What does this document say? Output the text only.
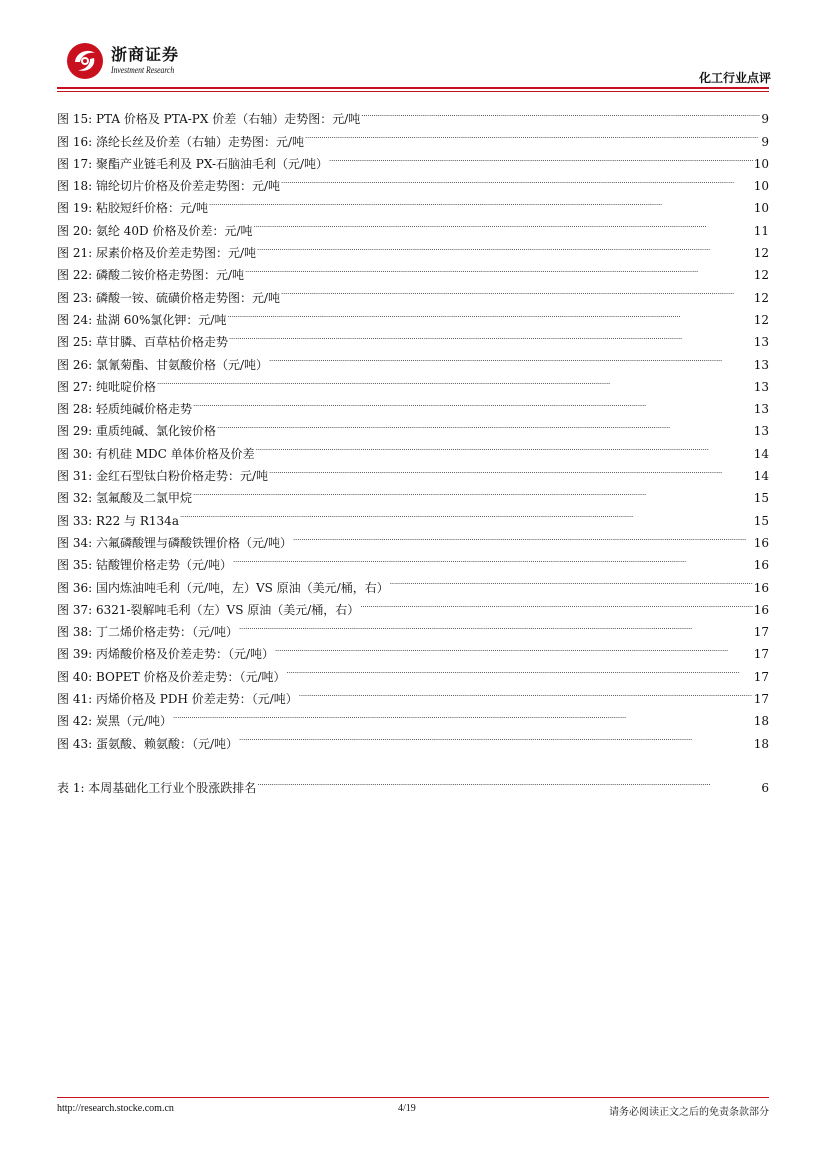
浙商证券
Investment Research
化工行业点评
图 15: PTA 价格及 PTA-PX 价差（右轴）走势图：元/吨 . . .	9
图 16: 涤纶长丝及价差（右轴）走势图：元/吨 . . .	9
图 17: 聚酯产业链毛利及 PX-石脑油毛利（元/吨） . . .	10
图 18: 锦纶切片价格及价差走势图：元/吨 . . .	10
图 19: 粘胶短纤价格：元/吨 . . .	10
图 20: 氨纶 40D 价格及价差：元/吨 . . .	11
图 21: 尿素价格及价差走势图：元/吨 . . .	12
图 22: 磷酸二铵价格走势图：元/吨 . . .	12
图 23: 磷酸一铵、硫磺价格走势图：元/吨 . . .	12
图 24: 盐湖 60%氯化钾：元/吨 . . .	12
图 25: 草甘膦、百草枯价格走势 . . .	13
图 26: 氯氰菊酯、甘氨酸价格（元/吨） . . .	13
图 27: 纯吡啶价格 . . .	13
图 28: 轻质纯碱价格走势 . . .	13
图 29: 重质纯碱、氯化铵价格 . . .	13
图 30: 有机硅 MDC 单体价格及价差 . . .	14
图 31: 金红石型钛白粉价格走势：元/吨 . . .	14
图 32: 氢氟酸及二氯甲烷 . . .	15
图 33: R22 与 R134a . . .	15
图 34: 六氟磷酸锂与磷酸铁锂价格（元/吨） . . .	16
图 35: 钴酸锂价格走势（元/吨） . . .	16
图 36: 国内炼油吨毛利（元/吨，左）VS 原油（美元/桶，右） . . .	16
图 37: 6321-裂解吨毛利（左）VS 原油（美元/桶，右） . . .	16
图 38: 丁二烯价格走势：（元/吨） . . .	17
图 39: 丙烯酸价格及价差走势：（元/吨） . . .	17
图 40: BOPET 价格及价差走势：（元/吨） . . .	17
图 41: 丙烯价格及 PDH 价差走势：（元/吨） . . .	17
图 42: 炭黑（元/吨） . . .	18
图 43: 蛋氨酸、赖氨酸：（元/吨） . . .	18
表 1: 本周基础化工行业个股涨跌排名 . . .	6
http://research.stocke.com.cn	4/19	请务必阅读正文之后的免责条款部分
